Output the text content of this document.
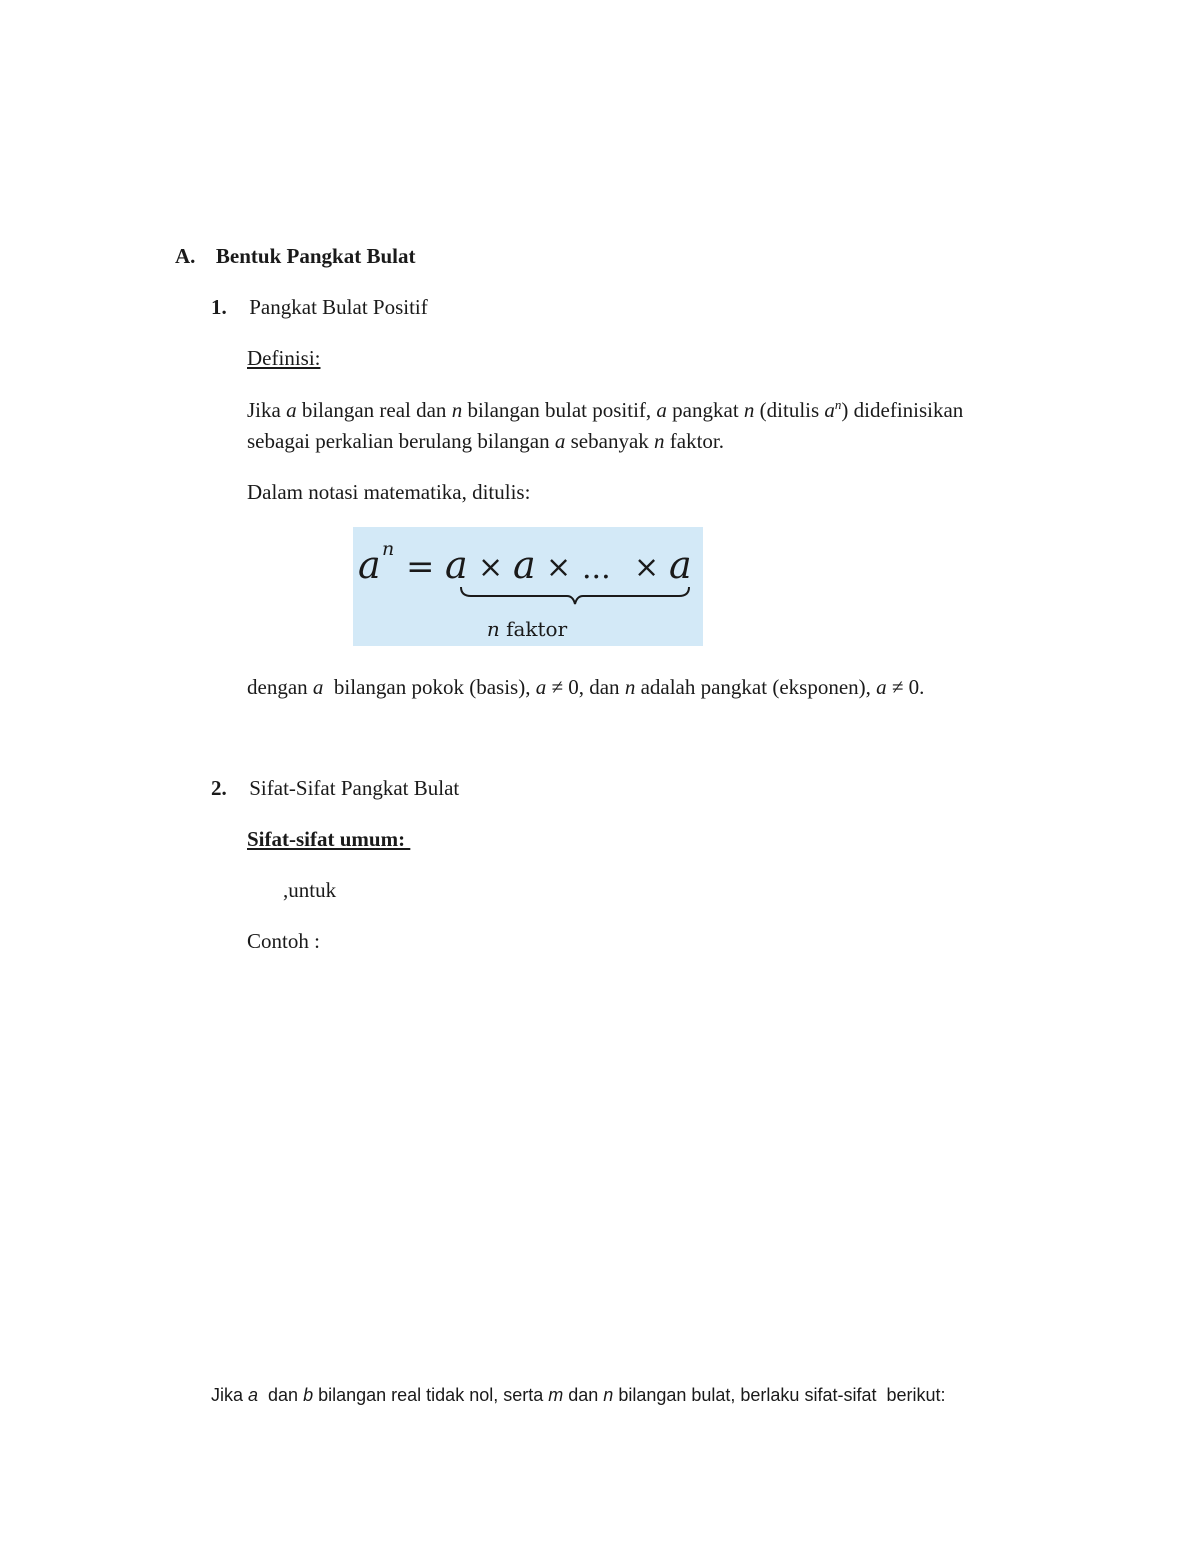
A. Bentuk Pangkat Bulat
1. Pangkat Bulat Positif
Definisi:
Jika a bilangan real dan n bilangan bulat positif, a pangkat n (ditulis $a^n$) didefinisikan
sebagai perkalian berulang bilangan a sebanyak n faktor.
Dalam notasi matematika, ditulis:
a n = a × a × ... × a
n faktor
dengan a  bilangan pokok (basis), a ≠ 0, dan n adalah pangkat (eksponen), a ≠ 0.
2. Sifat-Sifat Pangkat Bulat
Sifat-sifat umum:
,untuk
Contoh :
Jika a  dan b bilangan real tidak nol, serta m dan n bilangan bulat, berlaku sifat-sifat  berikut:
